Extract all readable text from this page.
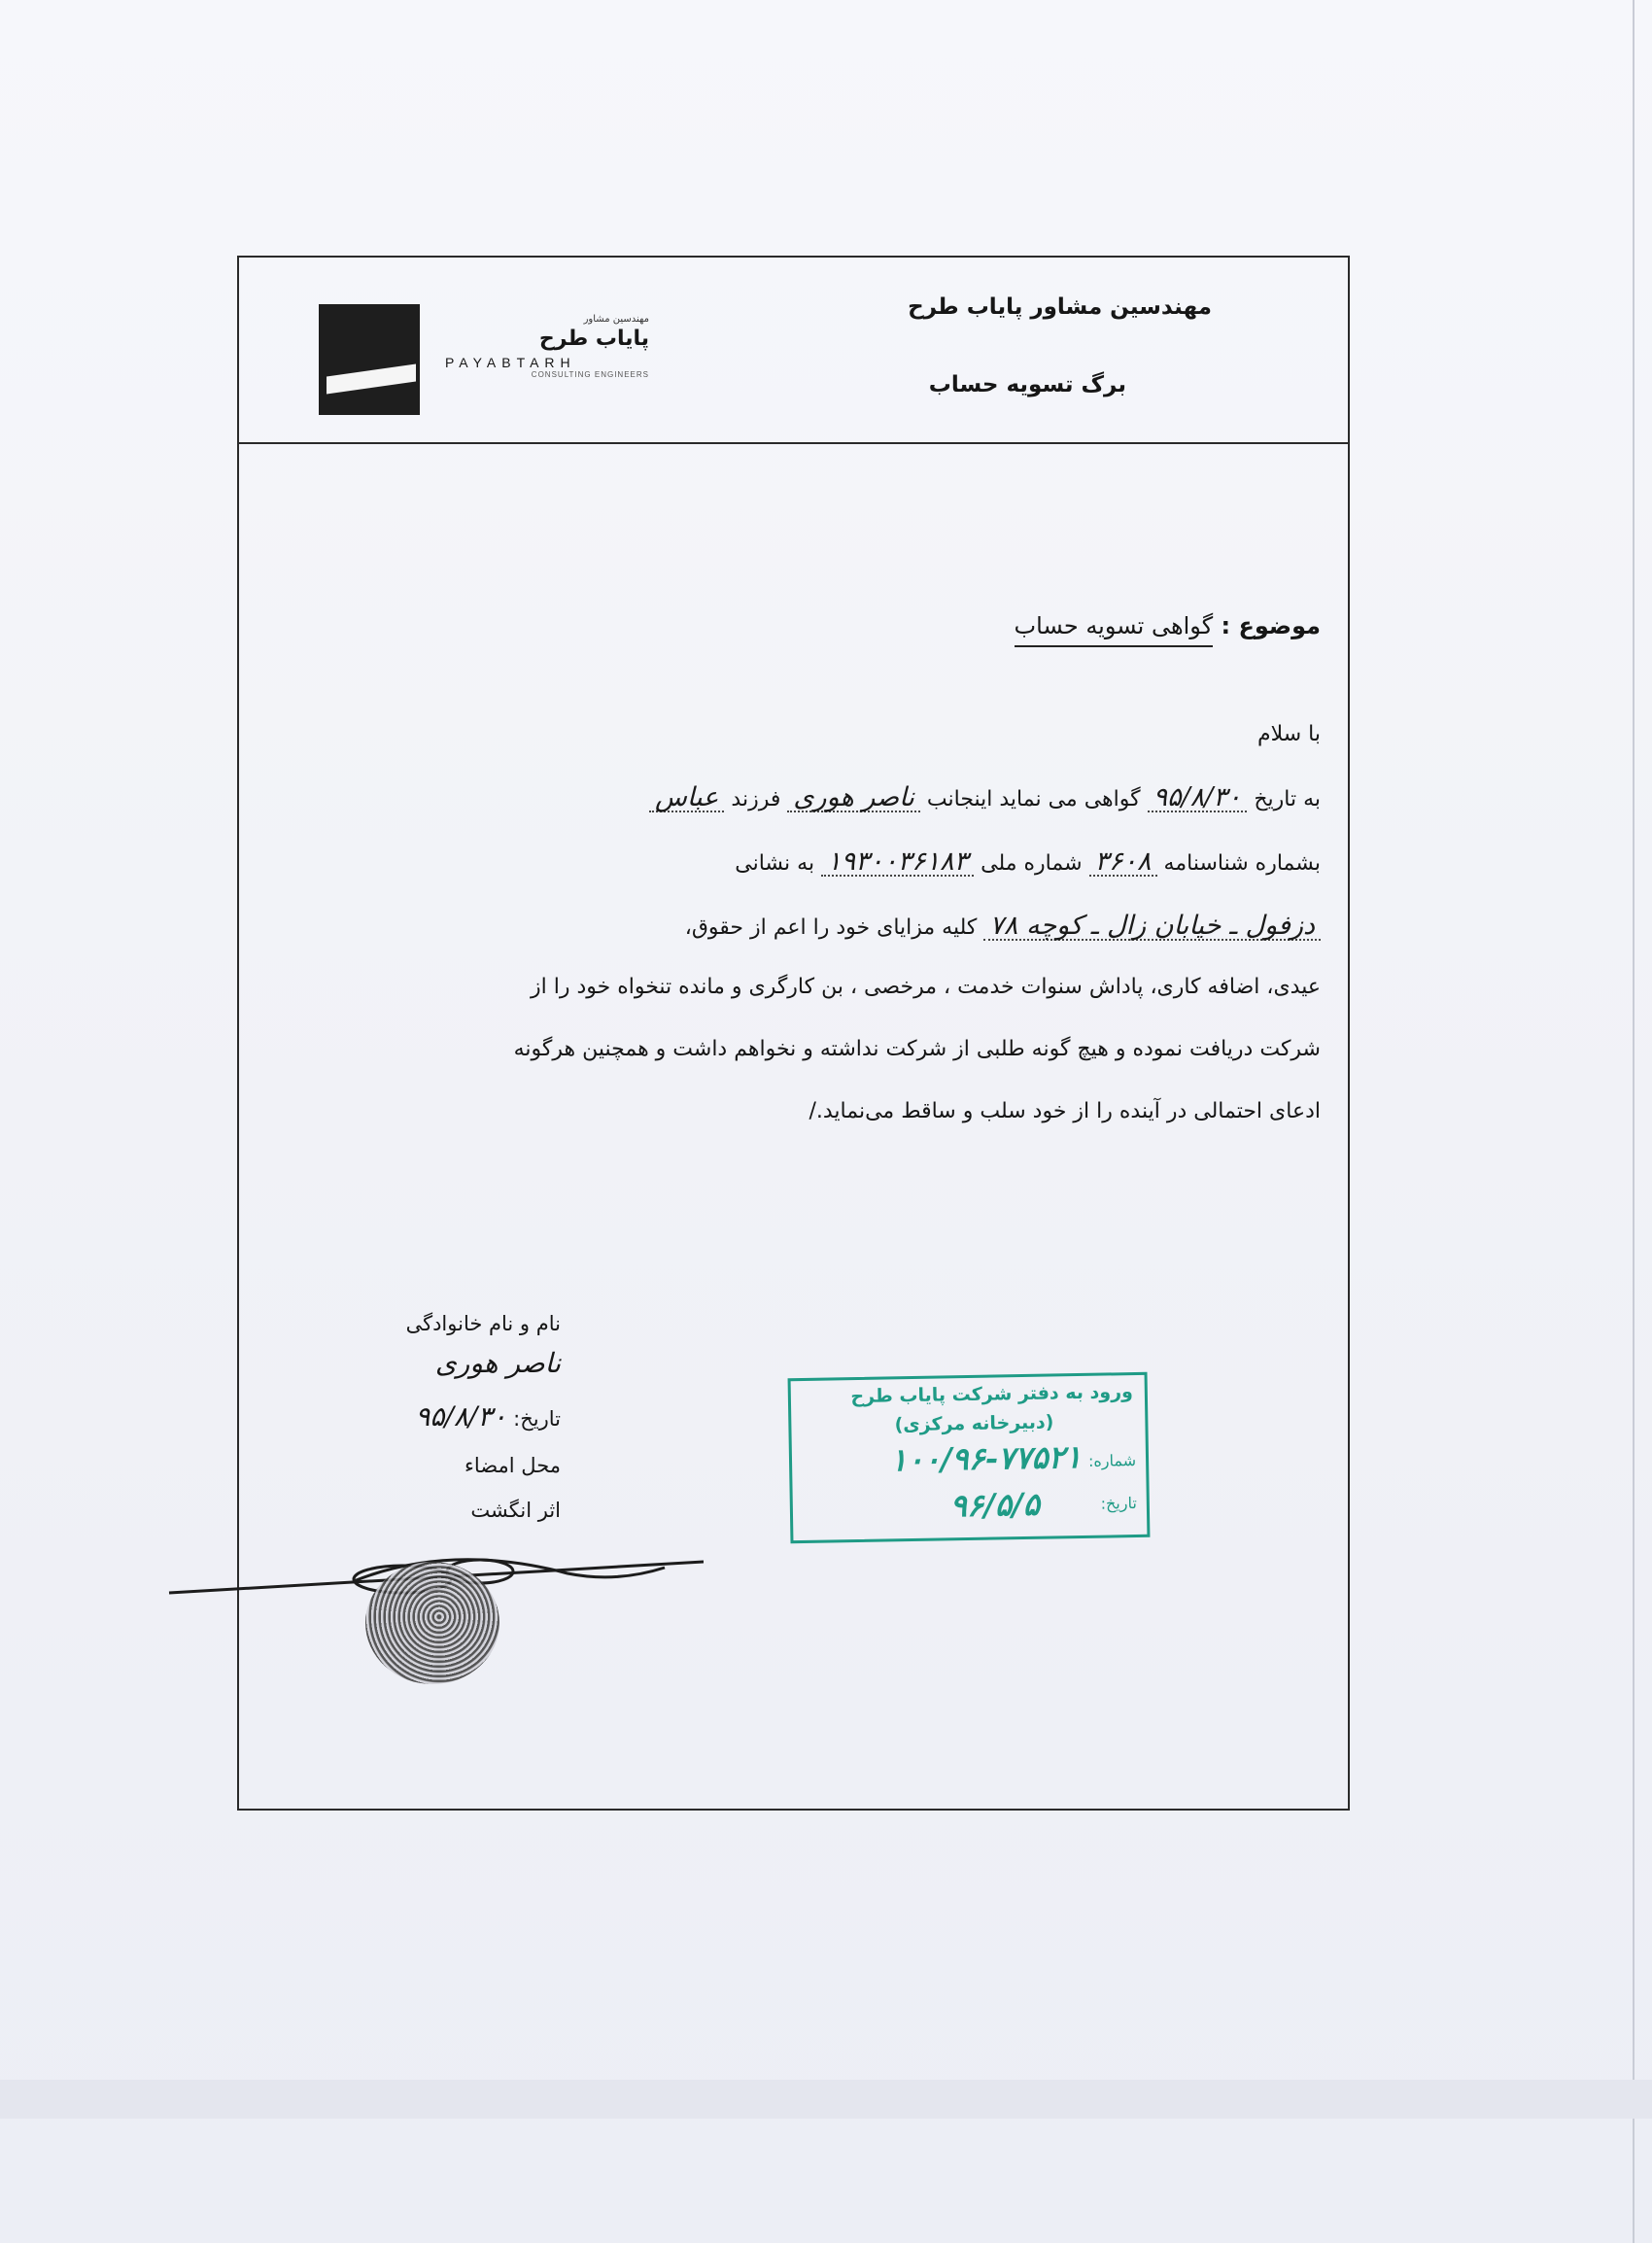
مهندسین مشاور
پایاب طرح
PAYABTARH
CONSULTING ENGINEERS
مهندسین مشاور پایاب طرح
برگ تسویه حساب
موضوع : گواهی تسویه حساب
با سلام
به تاریخ ۹۵/۸/۳۰ گواهی می نماید اینجانب ناصر هوری فرزند عباس
بشماره شناسنامه ۳۶۰۸ شماره ملی ۱۹۳۰۰۳۶۱۸۳ به نشانی
دزفول ـ خیابان زال ـ کوچه ۷۸ کلیه مزایای خود را اعم از حقوق،
عیدی، اضافه کاری، پاداش سنوات خدمت ، مرخصی ، بن کارگری و مانده تنخواه خود را از
شرکت دریافت نموده و هیچ گونه طلبی از شرکت نداشته و نخواهم داشت و همچنین هرگونه
ادعای احتمالی در آینده را از خود سلب و ساقط می‌نماید./
نام و نام خانوادگی
ناصر هوری
تاریخ: ۹۵/۸/۳۰
محل امضاء
اثر انگشت
ورود به دفتر شرکت پایاب طرح
(دبیرخانه مرکزی)
شماره:
۱۰۰/۹۶-۷۷۵۲۱
تاریخ:
۹۶/۵/۵
